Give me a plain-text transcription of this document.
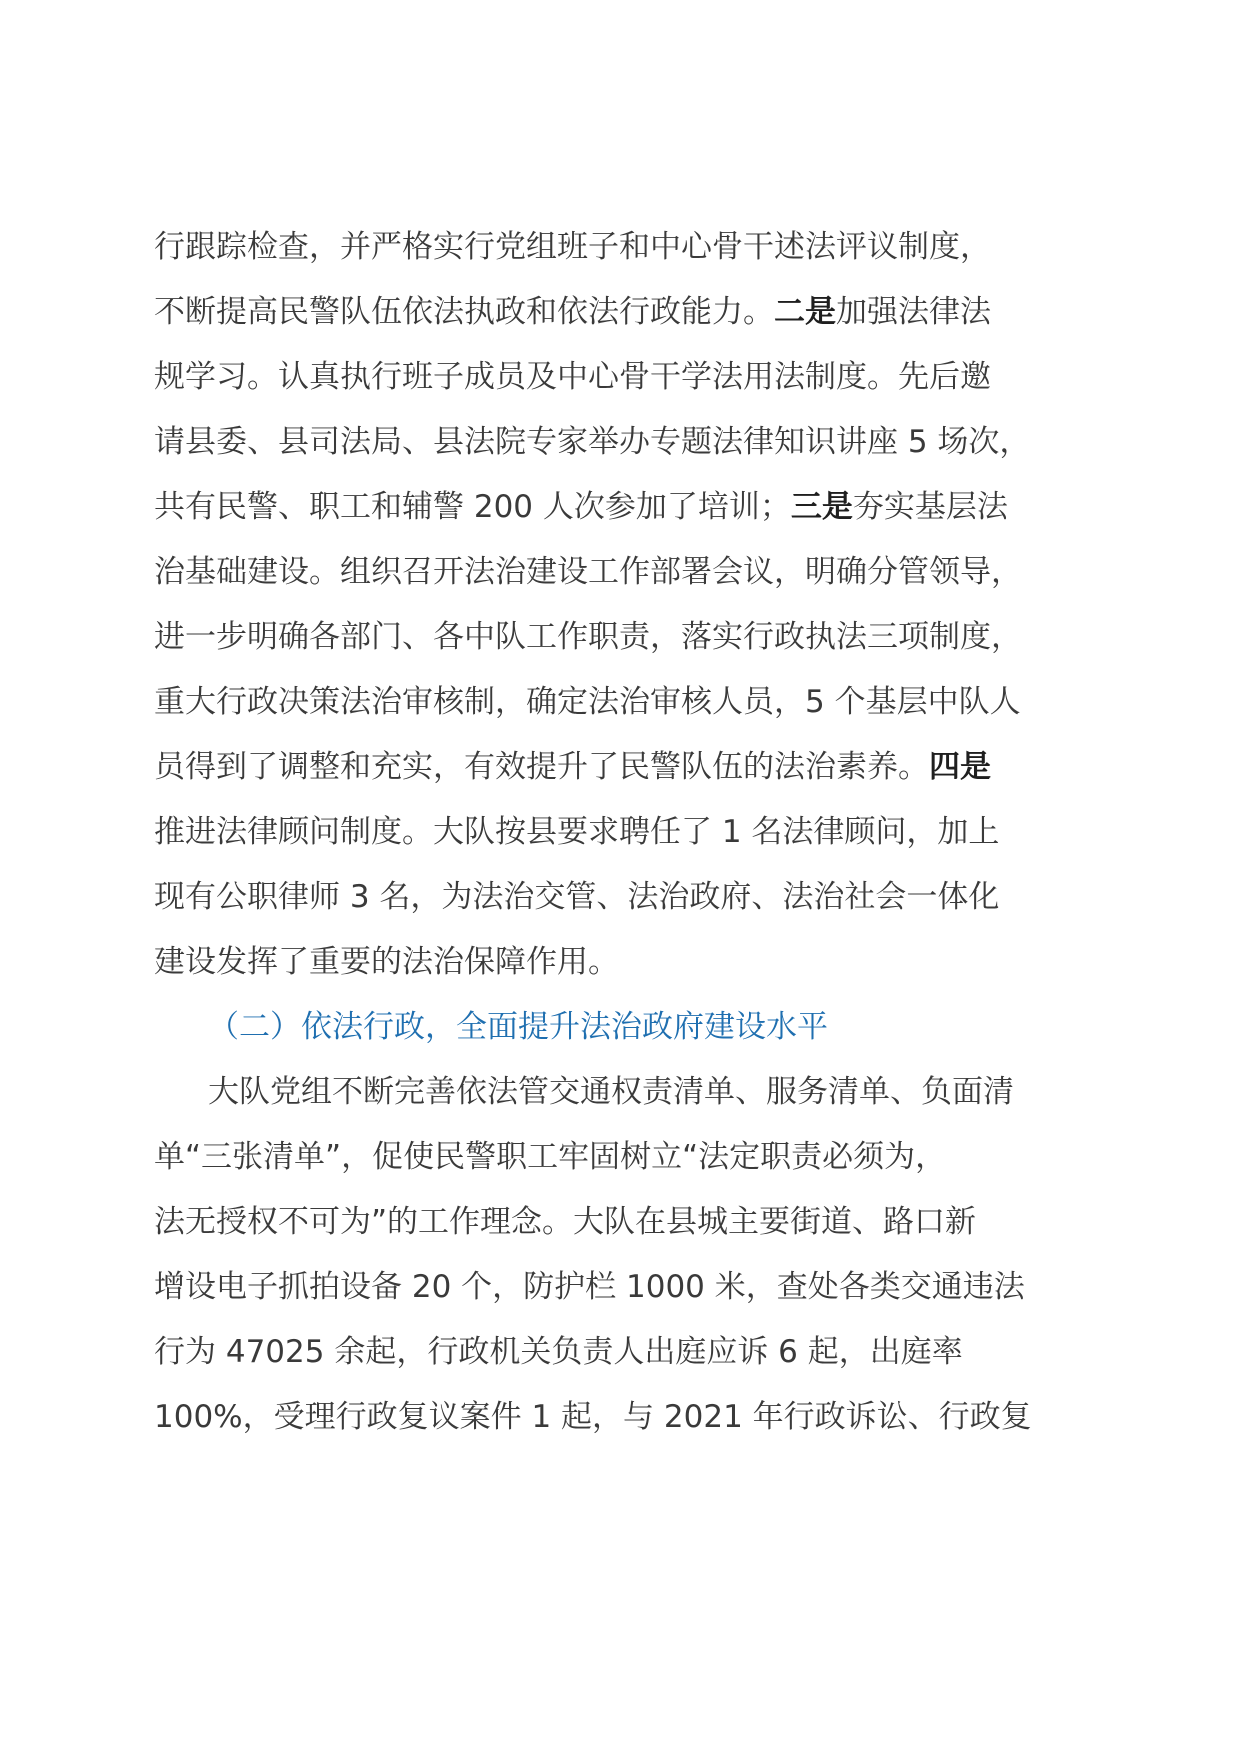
行跟踪检查，并严格实行党组班子和中心骨干述法评议制度，
不断提高民警队伍依法执政和依法行政能力。二是加强法律法
规学习。认真执行班子成员及中心骨干学法用法制度。先后邀
请县委、县司法局、县法院专家举办专题法律知识讲座 5 场次，
共有民警、职工和辅警 200 人次参加了培训；三是夯实基层法
治基础建设。组织召开法治建设工作部署会议，明确分管领导，
进一步明确各部门、各中队工作职责，落实行政执法三项制度，
重大行政决策法治审核制，确定法治审核人员，5 个基层中队人
员得到了调整和充实，有效提升了民警队伍的法治素养。四是
推进法律顾问制度。大队按县要求聘任了 1 名法律顾问，加上
现有公职律师 3 名，为法治交管、法治政府、法治社会一体化
建设发挥了重要的法治保障作用。
（二）依法行政，全面提升法治政府建设水平
大队党组不断完善依法管交通权责清单、服务清单、负面清
单“三张清单”，促使民警职工牢固树立“法定职责必须为，
法无授权不可为”的工作理念。大队在县城主要街道、路口新
增设电子抓拍设备 20 个，防护栏 1000 米，查处各类交通违法
行为 47025 余起，行政机关负责人出庭应诉 6 起，出庭率
100%，受理行政复议案件 1 起，与 2021 年行政诉讼、行政复
